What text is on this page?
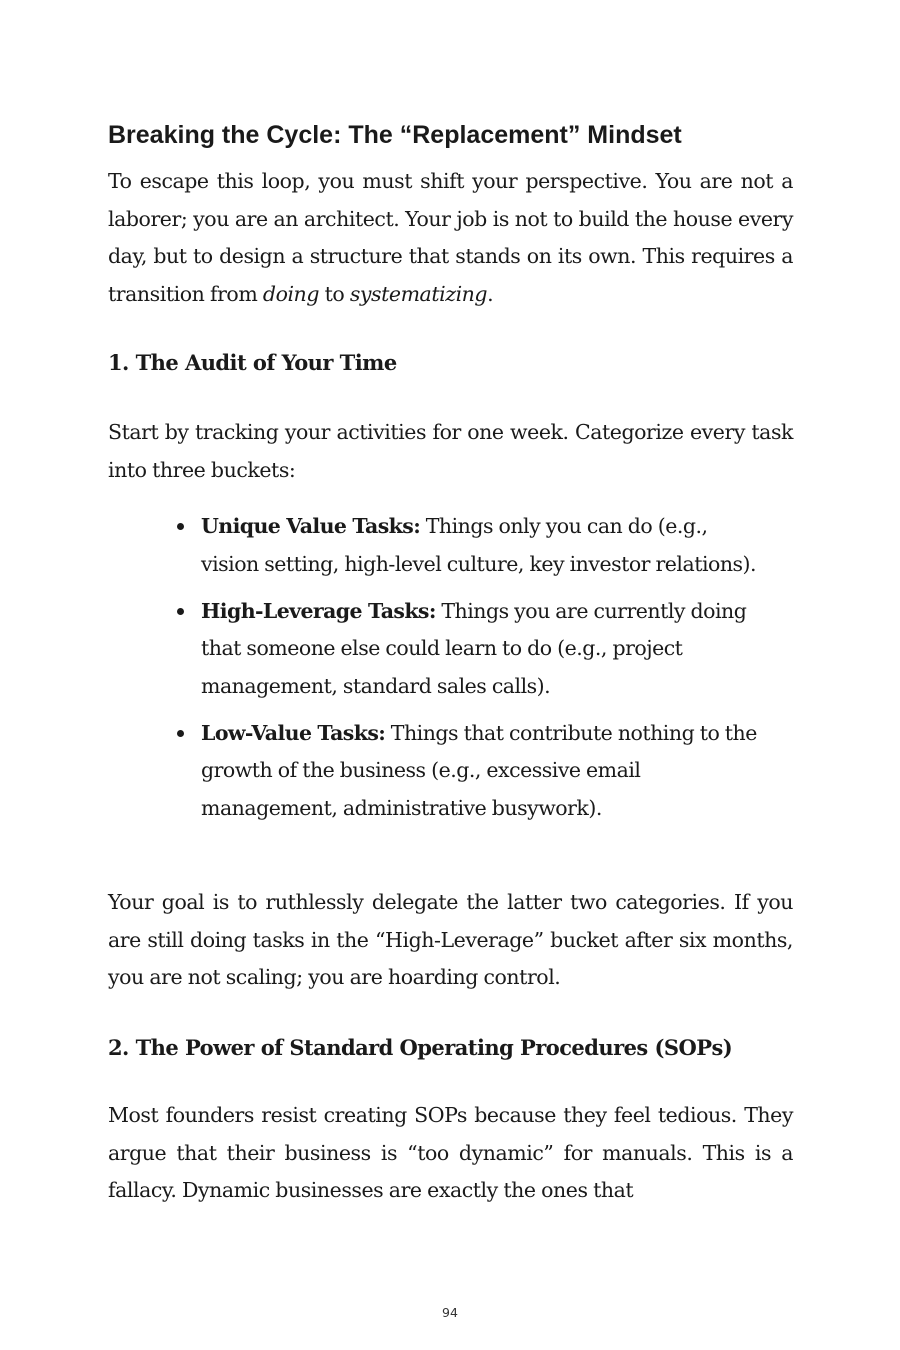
Breaking the Cycle: The “Replacement” Mindset

To escape this loop, you must shift your perspective. You are not a laborer; you are an architect. Your job is not to build the house every day, but to design a structure that stands on its own. This requires a transition from doing to systematizing.

1. The Audit of Your Time

Start by tracking your activities for one week. Categorize every task into three buckets:

Unique Value Tasks: Things only you can do (e.g., vision setting, high-level culture, key investor relations).
High-Leverage Tasks: Things you are currently doing that someone else could learn to do (e.g., project management, standard sales calls).
Low-Value Tasks: Things that contribute nothing to the growth of the business (e.g., excessive email management, administrative busywork).

Your goal is to ruthlessly delegate the latter two categories. If you are still doing tasks in the “High-Leverage” bucket after six months, you are not scaling; you are hoarding control.

2. The Power of Standard Operating Procedures (SOPs)

Most founders resist creating SOPs because they feel tedious. They argue that their business is “too dynamic” for manuals. This is a fallacy. Dynamic businesses are exactly the ones that

94
